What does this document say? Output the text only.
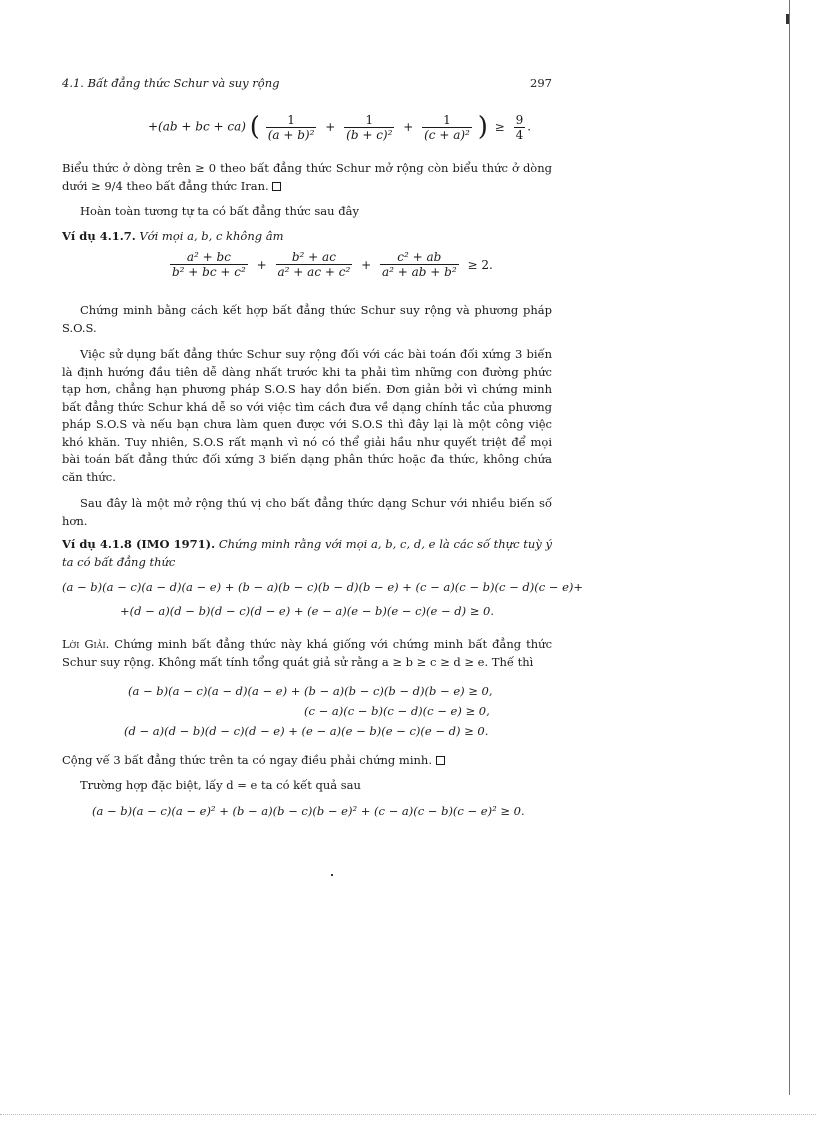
4.1. Bất đẳng thức Schur và suy rộng	297
+(ab + bc + ca) ( $\frac{1}{\text{(a + b)²}} + \frac{1}{\text{(b + c)²}} + \frac{1}{\text{(c + a)²}}$ ) ≥ $\frac{9}{4}$ .
Biểu thức ở dòng trên ≥ 0 theo bất đẳng thức Schur mở rộng còn biểu thức ở dòng dưới ≥ 9/4 theo bất đẳng thức Iran.
Hoàn toàn tương tự ta có bất đẳng thức sau đây
Ví dụ 4.1.7. Với mọi a, b, c không âm
$\frac{\text{a² + bc}}{\text{b² + bc + c²}} + \frac{\text{b² + ac}}{\text{a² + ac + c²}} + \frac{\text{c² + ab}}{\text{a² + ab + b²}} \ge 2$.
Chứng minh bằng cách kết hợp bất đẳng thức Schur suy rộng và phương pháp S.O.S.
Việc sử dụng bất đẳng thức Schur suy rộng đối với các bài toán đối xứng 3 biến là định hướng đầu tiên dễ dàng nhất trước khi ta phải tìm những con đường phức tạp hơn, chẳng hạn phương pháp S.O.S hay dồn biến. Đơn giản bởi vì chứng minh bất đẳng thức Schur khá dễ so với việc tìm cách đưa về dạng chính tắc của phương pháp S.O.S và nếu bạn chưa làm quen được với S.O.S thì đây lại là một công việc khó khăn. Tuy nhiên, S.O.S rất mạnh vì nó có thể giải hầu như quyết triệt để mọi bài toán bất đẳng thức đối xứng 3 biến dạng phân thức hoặc đa thức, không chứa căn thức.
Sau đây là một mở rộng thú vị cho bất đẳng thức dạng Schur với nhiều biến số hơn.
Ví dụ 4.1.8 (IMO 1971). Chứng minh rằng với mọi a, b, c, d, e là các số thực tuỳ ý ta có bất đẳng thức
(a − b)(a − c)(a − d)(a − e) + (b − a)(b − c)(b − d)(b − e) + (c − a)(c − b)(c − d)(c − e)+
+(d − a)(d − b)(d − c)(d − e) + (e − a)(e − b)(e − c)(e − d) ≥ 0.
Lời Giải. Chứng minh bất đẳng thức này khá giống với chứng minh bất đẳng thức Schur suy rộng. Không mất tính tổng quát giả sử rằng a ≥ b ≥ c ≥ d ≥ e. Thế thì
(a − b)(a − c)(a − d)(a − e) + (b − a)(b − c)(b − d)(b − e) ≥ 0,
(c − a)(c − b)(c − d)(c − e) ≥ 0,
(d − a)(d − b)(d − c)(d − e) + (e − a)(e − b)(e − c)(e − d) ≥ 0.
Cộng vế 3 bất đẳng thức trên ta có ngay điều phải chứng minh.
Trường hợp đặc biệt, lấy d = e ta có kết quả sau
(a − b)(a − c)(a − e)² + (b − a)(b − c)(b − e)² + (c − a)(c − b)(c − e)² ≥ 0.
